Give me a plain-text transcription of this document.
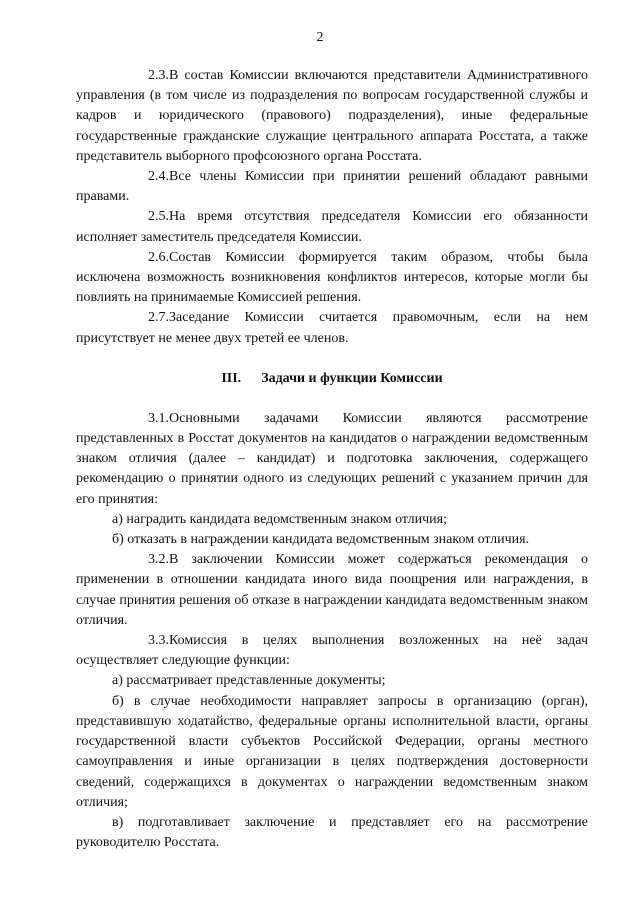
2

2.3.В состав Комиссии включаются представители Административного управления (в том числе из подразделения по вопросам государственной службы и кадров и юридического (правового) подразделения), иные федеральные государственные гражданские служащие центрального аппарата Росстата, а также представитель выборного профсоюзного органа Росстата.

2.4.Все члены Комиссии при принятии решений обладают равными правами.

2.5.На время отсутствия председателя Комиссии его обязанности исполняет заместитель председателя Комиссии.

2.6.Состав Комиссии формируется таким образом, чтобы была исключена возможность возникновения конфликтов интересов, которые могли бы повлиять на принимаемые Комиссией решения.

2.7.Заседание Комиссии считается правомочным, если на нем присутствует не менее двух третей ее членов.

III. Задачи и функции Комиссии

3.1.Основными задачами Комиссии являются рассмотрение представленных в Росстат документов на кандидатов о награждении ведомственным знаком отличия (далее – кандидат) и подготовка заключения, содержащего рекомендацию о принятии одного из следующих решений с указанием причин для его принятия:

а) наградить кандидата ведомственным знаком отличия;

б) отказать в награждении кандидата ведомственным знаком отличия.

3.2.В заключении Комиссии может содержаться рекомендация о применении в отношении кандидата иного вида поощрения или награждения, в случае принятия решения об отказе в награждении кандидата ведомственным знаком отличия.

3.3.Комиссия в целях выполнения возложенных на неё задач осуществляет следующие функции:

а) рассматривает представленные документы;

б) в случае необходимости направляет запросы в организацию (орган), представившую ходатайство, федеральные органы исполнительной власти, органы государственной власти субъектов Российской Федерации, органы местного самоуправления и иные организации в целях подтверждения достоверности сведений, содержащихся в документах о награждении ведомственным знаком отличия;

в) подготавливает заключение и представляет его на рассмотрение руководителю Росстата.
